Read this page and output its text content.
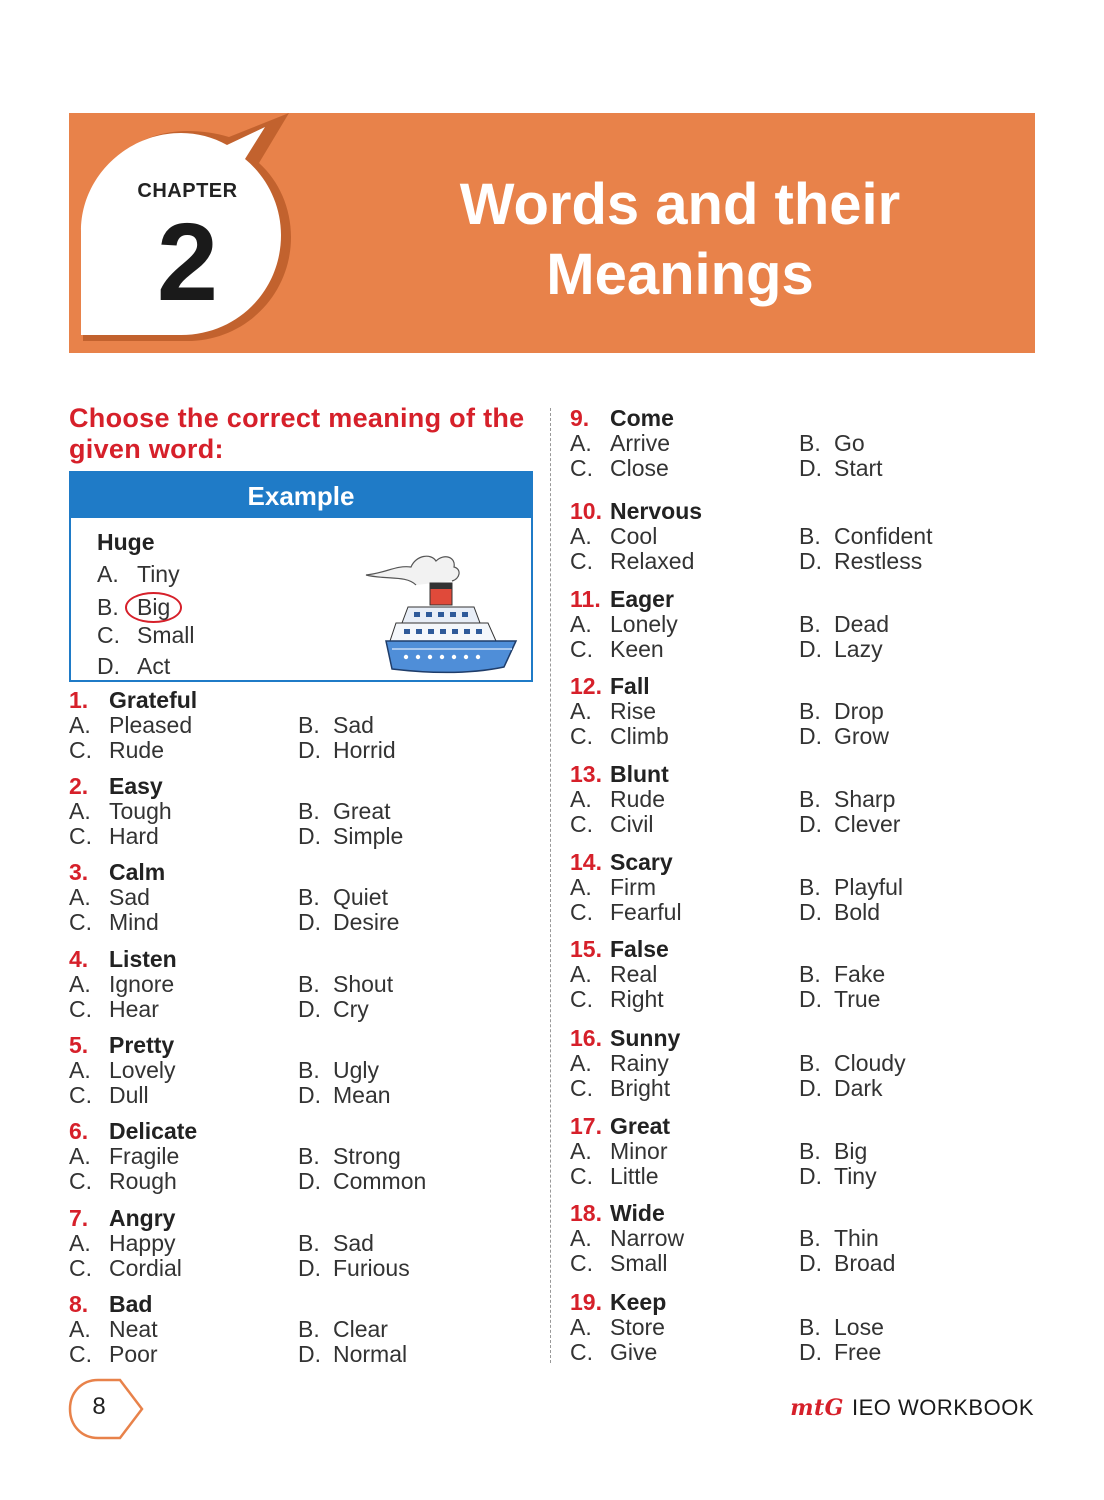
CHAPTER
2	Words and their
Meanings
Choose the correct meaning of the given word:
Example
Huge
A. Tiny
B. Big
C. Small
D. Act
1. Grateful
A. Pleased	B. Sad
C. Rude	D. Horrid
2. Easy
A. Tough	B. Great
C. Hard	D. Simple
3. Calm
A. Sad	B. Quiet
C. Mind	D. Desire
4. Listen
A. Ignore	B. Shout
C. Hear	D. Cry
5. Pretty
A. Lovely	B. Ugly
C. Dull	D. Mean
6. Delicate
A. Fragile	B. Strong
C. Rough	D. Common
7. Angry
A. Happy	B. Sad
C. Cordial	D. Furious
8. Bad
A. Neat	B. Clear
C. Poor	D. Normal
9. Come
A. Arrive	B. Go
C. Close	D. Start
10. Nervous
A. Cool	B. Confident
C. Relaxed	D. Restless
11. Eager
A. Lonely	B. Dead
C. Keen	D. Lazy
12. Fall
A. Rise	B. Drop
C. Climb	D. Grow
13. Blunt
A. Rude	B. Sharp
C. Civil	D. Clever
14. Scary
A. Firm	B. Playful
C. Fearful	D. Bold
15. False
A. Real	B. Fake
C. Right	D. True
16. Sunny
A. Rainy	B. Cloudy
C. Bright	D. Dark
17. Great
A. Minor	B. Big
C. Little	D. Tiny
18. Wide
A. Narrow	B. Thin
C. Small	D. Broad
19. Keep
A. Store	B. Lose
C. Give	D. Free
8	mtG IEO WORKBOOK
